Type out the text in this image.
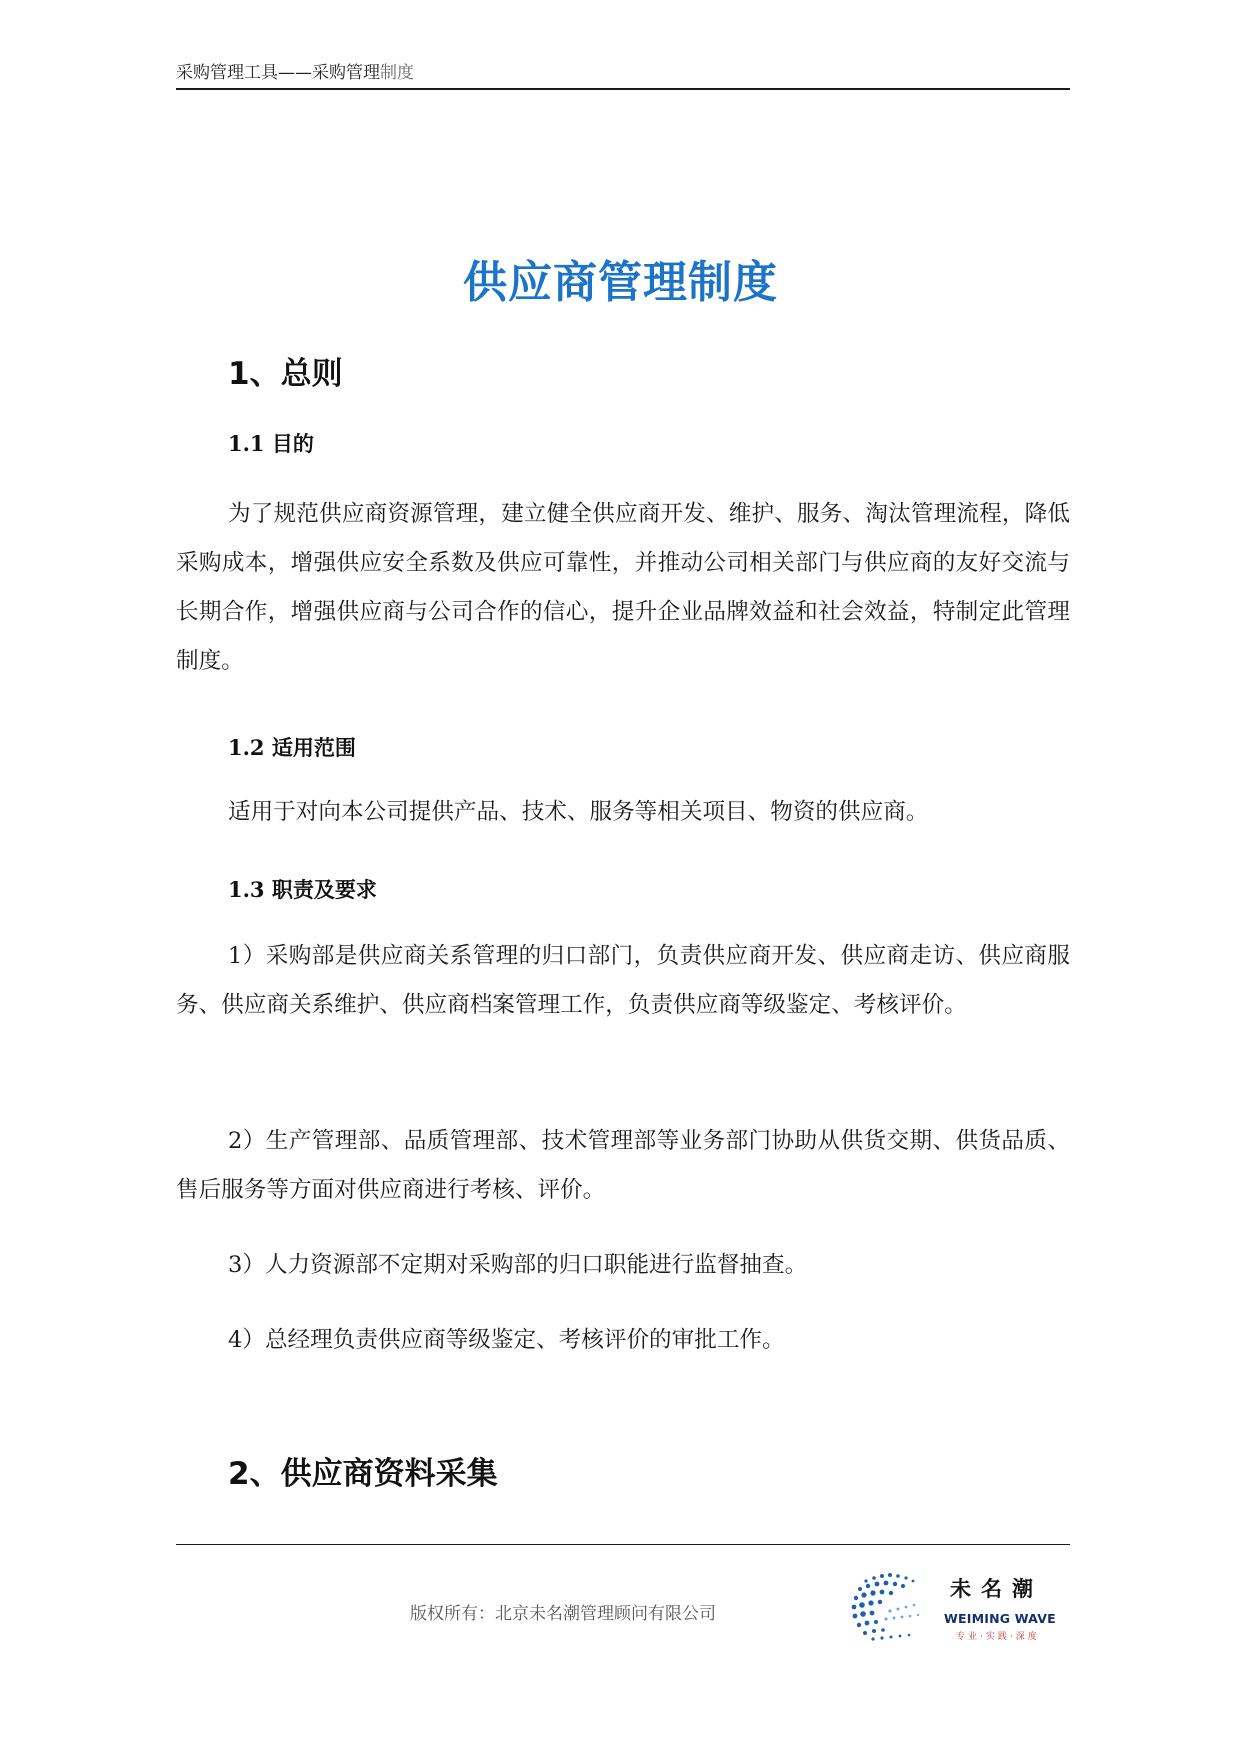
采购管理工具——采购管理制度
供应商管理制度
1、总则
1.1 目的
为了规范供应商资源管理，建立健全供应商开发、维护、服务、淘汰管理流程，降低采购成本，增强供应安全系数及供应可靠性，并推动公司相关部门与供应商的友好交流与长期合作，增强供应商与公司合作的信心，提升企业品牌效益和社会效益，特制定此管理制度。
1.2 适用范围
适用于对向本公司提供产品、技术、服务等相关项目、物资的供应商。
1.3 职责及要求
1）采购部是供应商关系管理的归口部门，负责供应商开发、供应商走访、供应商服务、供应商关系维护、供应商档案管理工作，负责供应商等级鉴定、考核评价。
2）生产管理部、品质管理部、技术管理部等业务部门协助从供货交期、供货品质、售后服务等方面对供应商进行考核、评价。
3）人力资源部不定期对采购部的归口职能进行监督抽查。
4）总经理负责供应商等级鉴定、考核评价的审批工作。
2、供应商资料采集
版权所有：北京未名潮管理顾问有限公司
未名潮
WEIMING WAVE
专业·实践·深度
